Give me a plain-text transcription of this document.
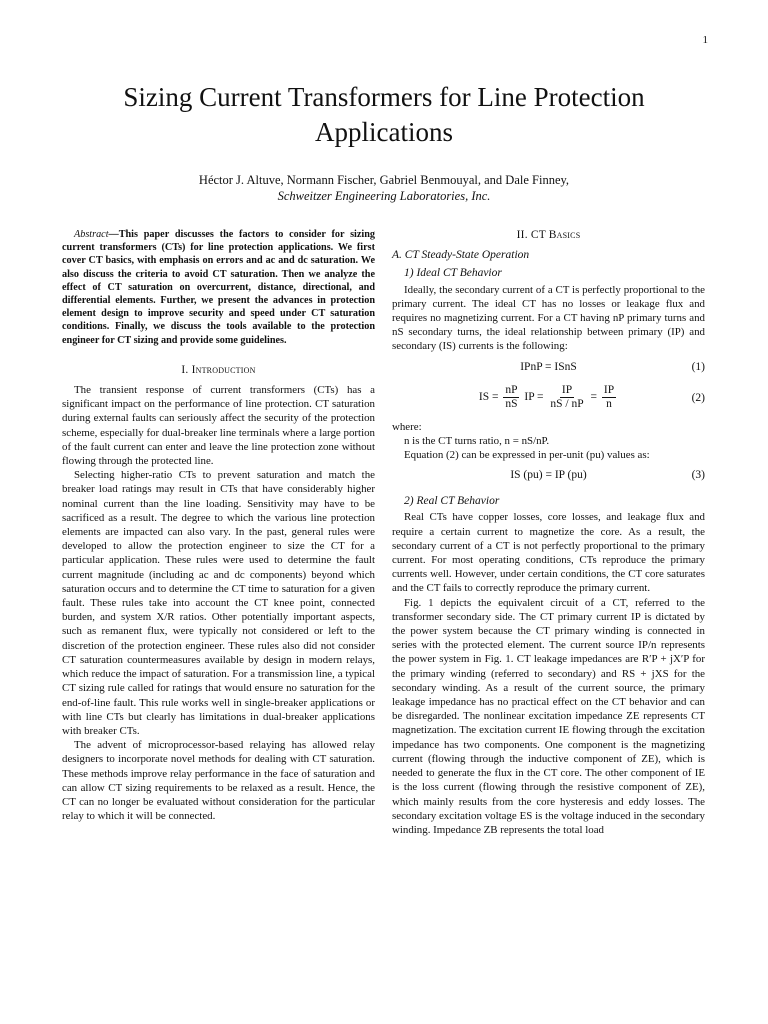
1
Sizing Current Transformers for Line Protection Applications
Héctor J. Altuve, Normann Fischer, Gabriel Benmouyal, and Dale Finney,
Schweitzer Engineering Laboratories, Inc.

Abstract—This paper discusses the factors to consider for sizing current transformers (CTs) for line protection applications. We first cover CT basics, with emphasis on errors and ac and dc saturation. We also discuss the criteria to avoid CT saturation. Then we analyze the effect of CT saturation on overcurrent, distance, directional, and differential elements. Further, we present the advances in protection element design to improve security and speed under CT saturation conditions. Finally, we discuss the tools available to the protection engineer for CT sizing and provide some guidelines.

I. Introduction

The transient response of current transformers (CTs) has a significant impact on the performance of line protection. CT saturation during external faults can seriously affect the security of the protection scheme, especially for dual-breaker line terminals where a large portion of the fault current can enter and leave the line protection zone without flowing through the protected line.

Selecting higher-ratio CTs to prevent saturation and match the breaker load ratings may result in CTs that have considerably higher nominal current than the line loading. Sensitivity may have to be sacrificed as a result. The degree to which the various line protection elements are impacted can also vary. In the past, general rules were developed to allow the protection engineer to size the CT for a particular application. These rules were used to determine the fault current magnitude (including ac and dc components) beyond which saturation occurs and to determine the CT time to saturation for a given fault. These rules take into account the CT knee point, connected burden, and system X/R ratios. Other potentially important aspects, such as remanent flux, were typically not considered or left to the discretion of the protection engineer. These rules also did not consider CT saturation countermeasures available by design in modern relays, which reduce the impact of saturation. For a transmission line, a typical CT sizing rule called for ratings that would ensure no saturation for the end-of-line fault. This rule works well in single-breaker applications or with line CTs but clearly has limitations in dual-breaker applications with breaker CTs.

The advent of microprocessor-based relaying has allowed relay designers to incorporate novel methods for dealing with CT saturation. These methods improve relay performance in the face of saturation and can allow CT sizing requirements to be relaxed as a result. Hence, the CT can no longer be evaluated without consideration for the particular relay to which it will be connected.

II. CT Basics
A. CT Steady-State Operation
1) Ideal CT Behavior

Ideally, the secondary current of a CT is perfectly proportional to the primary current. The ideal CT has no losses or leakage flux and requires no magnetizing current. For a CT having nP primary turns and nS secondary turns, the ideal relationship between primary (IP) and secondary (IS) currents is the following:

IPnP = ISnS	(1)
IS = $\frac{nP}{nS}$ IP = $\frac{IP}{nS / nP} = \frac{IP}{n}$	(2)

where:

n is the CT turns ratio, n = nS/nP.

Equation (2) can be expressed in per-unit (pu) values as:

IS (pu) = IP (pu)	(3)
2) Real CT Behavior

Real CTs have copper losses, core losses, and leakage flux and require a certain current to magnetize the core. As a result, the secondary current of a CT is not perfectly proportional to the primary current. For most operating conditions, CTs reproduce the primary currents well. However, under certain conditions, the CT core saturates and the CT fails to correctly reproduce the primary current.

Fig. 1 depicts the equivalent circuit of a CT, referred to the transformer secondary side. The CT primary current IP is dictated by the power system because the CT primary winding is connected in series with the protected element. The current source IP/n represents the power system in Fig. 1. CT leakage impedances are R′P + jX′P for the primary winding (referred to secondary) and RS + jXS for the secondary winding. As a result of the current source, the primary leakage impedance has no practical effect on the CT behavior and can be disregarded. The nonlinear excitation impedance ZE represents CT magnetization. The excitation current IE flowing through the excitation impedance has two components. One component is the magnetizing current (flowing through the inductive component of ZE), which is needed to generate the flux in the CT core. The other component of IE is the loss current (flowing through the resistive component of ZE), which mainly results from the core hysteresis and eddy losses. The secondary excitation voltage ES is the voltage induced in the secondary winding. Impedance ZB represents the total load
